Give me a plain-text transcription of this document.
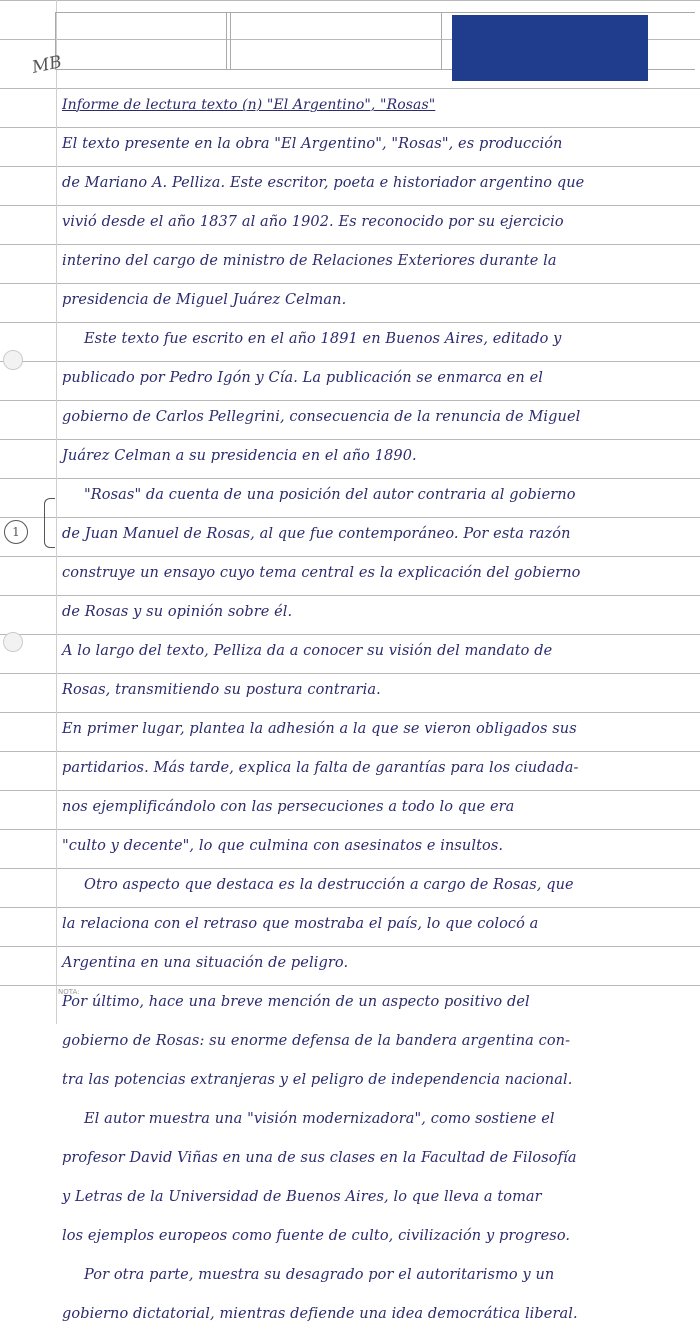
MB
1
Informe de lectura texto (n) "El Argentino", "Rosas"
El texto presente en la obra "El Argentino", "Rosas", es producción
de Mariano A. Pelliza. Este escritor, poeta e historiador argentino que
vivió desde el año 1837 al año 1902. Es reconocido por su ejercicio
interino del cargo de ministro de Relaciones Exteriores durante la
presidencia de Miguel Juárez Celman.
Este texto fue escrito en el año 1891 en Buenos Aires, editado y
publicado por Pedro Igón y Cía. La publicación se enmarca en el
gobierno de Carlos Pellegrini, consecuencia de la renuncia de Miguel
Juárez Celman a su presidencia en el año 1890.
"Rosas" da cuenta de una posición del autor contraria al gobierno
de Juan Manuel de Rosas, al que fue contemporáneo. Por esta razón
construye un ensayo cuyo tema central es la explicación del gobierno
de Rosas y su opinión sobre él.
A lo largo del texto, Pelliza da a conocer su visión del mandato de
Rosas, transmitiendo su postura contraria.
En primer lugar, plantea la adhesión a la que se vieron obligados sus
partidarios. Más tarde, explica la falta de garantías para los ciudada-
nos ejemplificándolo con las persecuciones a todo lo que era
"culto y decente", lo que culmina con asesinatos e insultos.
Otro aspecto que destaca es la destrucción a cargo de Rosas, que
la relaciona con el retraso que mostraba el país, lo que colocó a
Argentina en una situación de peligro.
Por último, hace una breve mención de un aspecto positivo del
gobierno de Rosas: su enorme defensa de la bandera argentina con-
tra las potencias extranjeras y el peligro de independencia nacional.
El autor muestra una "visión modernizadora", como sostiene el
profesor David Viñas en una de sus clases en la Facultad de Filosofía
y Letras de la Universidad de Buenos Aires, lo que lleva a tomar
los ejemplos europeos como fuente de culto, civilización y progreso.
Por otra parte, muestra su desagrado por el autoritarismo y un
gobierno dictatorial, mientras defiende una idea democrática liberal.
NOTA:
